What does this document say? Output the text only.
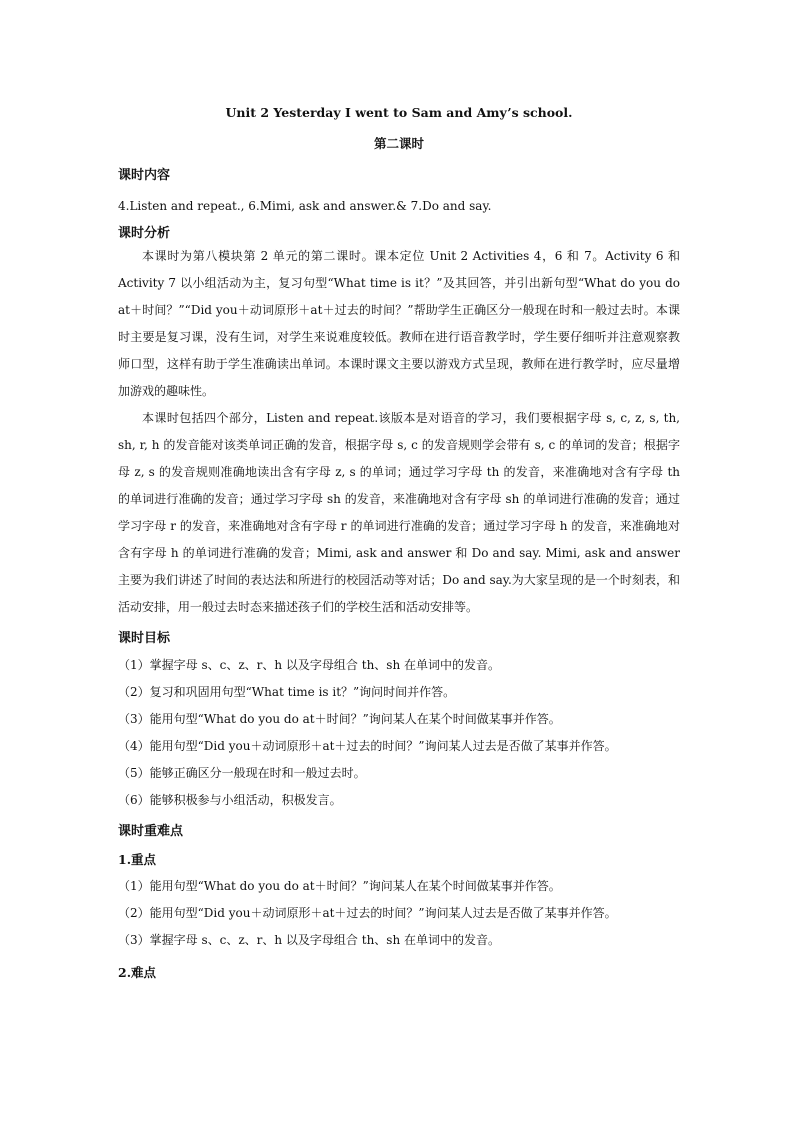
Unit 2 Yesterday I went to Sam and Amy’s school.
第二课时
课时内容
4.Listen and repeat., 6.Mimi, ask and answer.& 7.Do and say.
课时分析
本课时为第八模块第 2 单元的第二课时。课本定位 Unit 2 Activities 4，6 和 7。Activity 6 和 Activity 7 以小组活动为主，复习句型“What time is it？”及其回答，并引出新句型“What do you do at＋时间？”“Did you＋动词原形＋at＋过去的时间？”帮助学生正确区分一般现在时和一般过去时。本课时主要是复习课，没有生词，对学生来说难度较低。教师在进行语音教学时，学生要仔细听并注意观察教师口型，这样有助于学生准确读出单词。本课时课文主要以游戏方式呈现，教师在进行教学时，应尽量增加游戏的趣味性。
本课时包括四个部分，Listen and repeat.该版本是对语音的学习，我们要根据字母 s, c, z, s, th, sh, r, h 的发音能对该类单词正确的发音，根据字母 s, c 的发音规则学会带有 s, c 的单词的发音；根据字母 z, s 的发音规则准确地读出含有字母 z, s 的单词；通过学习字母 th 的发音，来准确地对含有字母 th 的单词进行准确的发音；通过学习字母 sh 的发音，来准确地对含有字母 sh 的单词进行准确的发音；通过学习字母 r 的发音，来准确地对含有字母 r 的单词进行准确的发音；通过学习字母 h 的发音，来准确地对含有字母 h 的单词进行准确的发音；Mimi, ask and answer 和 Do and say. Mimi, ask and answer 主要为我们讲述了时间的表达法和所进行的校园活动等对话；Do and say.为大家呈现的是一个时刻表，和活动安排，用一般过去时态来描述孩子们的学校生活和活动安排等。
课时目标
（1）掌握字母 s、c、z、r、h 以及字母组合 th、sh 在单词中的发音。
（2）复习和巩固用句型“What time is it？”询问时间并作答。
（3）能用句型“What do you do at＋时间？”询问某人在某个时间做某事并作答。
（4）能用句型“Did you＋动词原形＋at＋过去的时间？”询问某人过去是否做了某事并作答。
（5）能够正确区分一般现在时和一般过去时。
（6）能够积极参与小组活动，积极发言。
课时重难点
1.重点
（1）能用句型“What do you do at＋时间？”询问某人在某个时间做某事并作答。
（2）能用句型“Did you＋动词原形＋at＋过去的时间？”询问某人过去是否做了某事并作答。
（3）掌握字母 s、c、z、r、h 以及字母组合 th、sh 在单词中的发音。
2.难点
